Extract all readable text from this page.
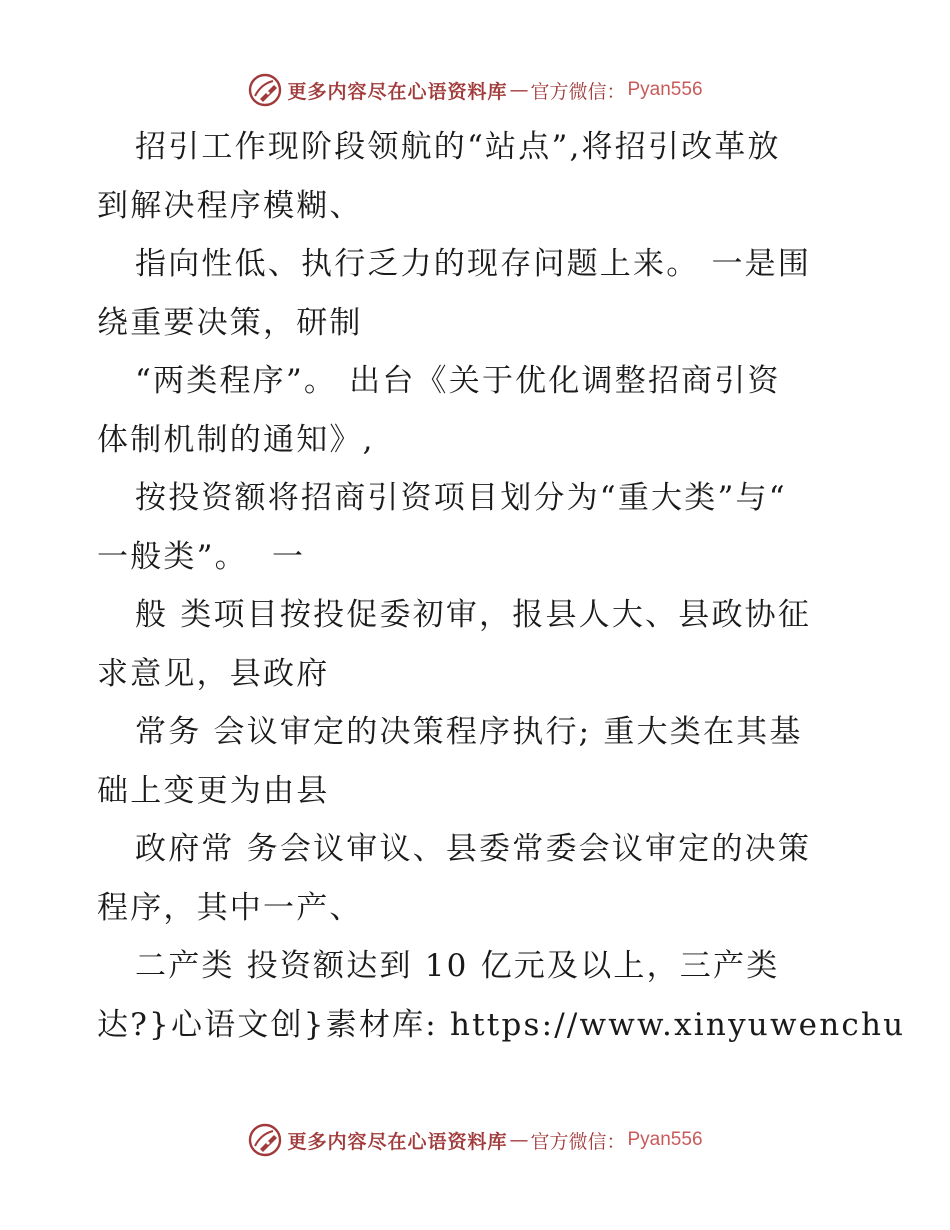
更多内容尽在心语资料库 — 官方微信： Pyan556
招引工作现阶段领航的“站点”,将招引改革放
到解决程序模糊、
指向性低、执行乏力的现存问题上来。 一是围
绕重要决策，研制
“两类程序”。 出台《关于优化调整招商引资
体制机制的通知》,
按投资额将招商引资项目划分为“重大类”与“
一般类”。  一
般 类项目按投促委初审，报县人大、县政协征
求意见，县政府
常务 会议审定的决策程序执行; 重大类在其基
础上变更为由县
政府常 务会议审议、县委常委会议审定的决策
程序，其中一产、
二产类 投资额达到 10 亿元及以上，三产类
达?}心语文创}素材库: https://www.xinyuwenchu
更多内容尽在心语资料库 — 官方微信： Pyan556
